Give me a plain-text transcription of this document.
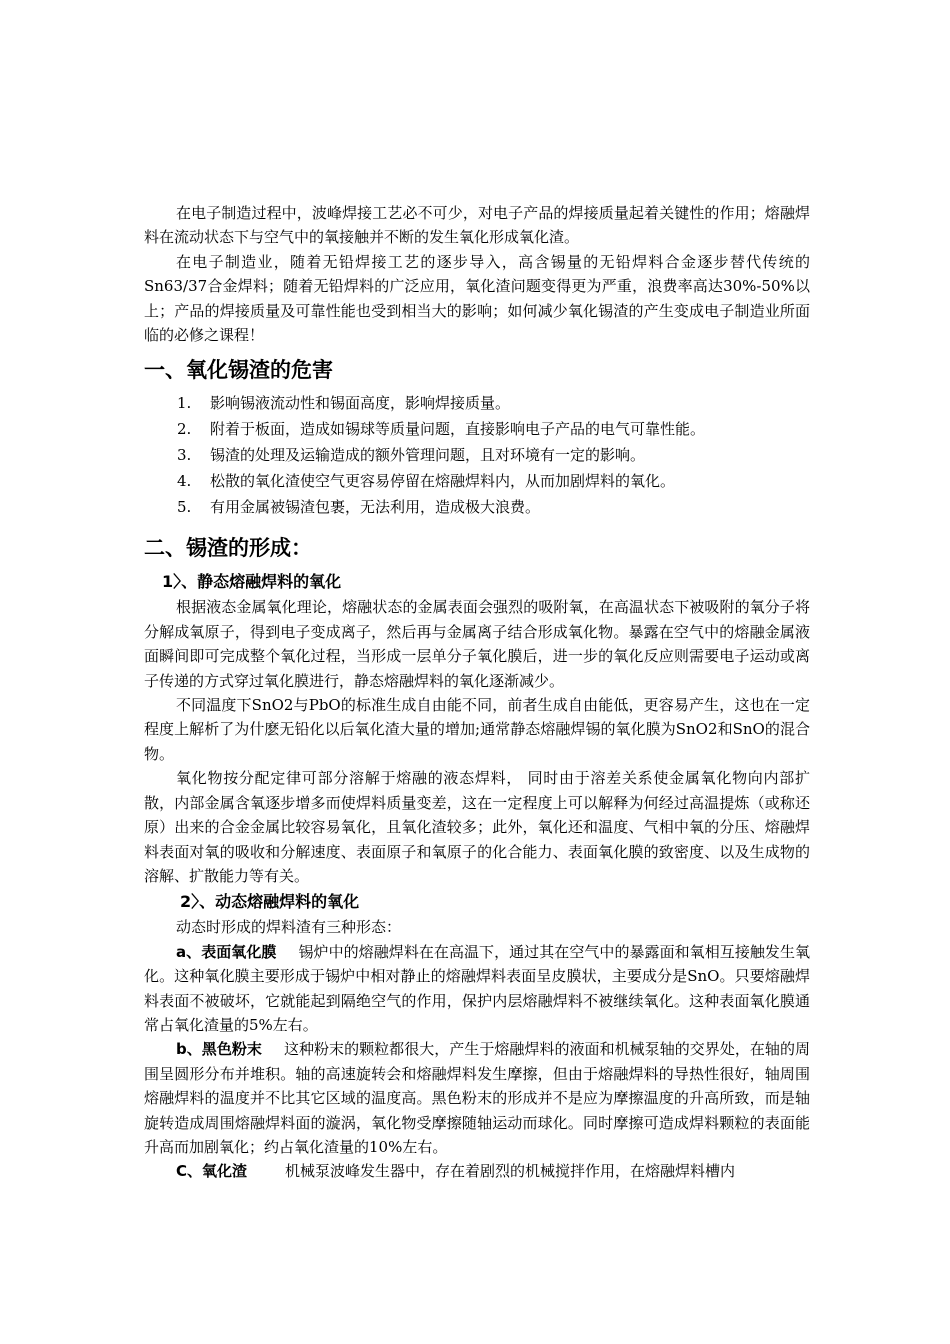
在电子制造过程中，波峰焊接工艺必不可少，对电子产品的焊接质量起着关键性的作用；熔融焊料在流动状态下与空气中的氧接触并不断的发生氧化形成氧化渣。

在电子制造业，随着无铅焊接工艺的逐步导入，高含锡量的无铅焊料合金逐步替代传统的Sn63/37合金焊料；随着无铅焊料的广泛应用，氧化渣问题变得更为严重，浪费率高达30%-50%以上；产品的焊接质量及可靠性能也受到相当大的影响；如何减少氧化锡渣的产生变成电子制造业所面临的必修之课程！

一、氧化锡渣的危害
1.	影响锡液流动性和锡面高度，影响焊接质量。
2.	附着于板面，造成如锡球等质量问题，直接影响电子产品的电气可靠性能。
3.	锡渣的处理及运输造成的额外管理问题，且对环境有一定的影响。
4.	松散的氧化渣使空气更容易停留在熔融焊料内，从而加剧焊料的氧化。
5.	有用金属被锡渣包裹，无法利用，造成极大浪费。
二、锡渣的形成：
1〉、静态熔融焊料的氧化

根据液态金属氧化理论，熔融状态的金属表面会强烈的吸附氧，在高温状态下被吸附的氧分子将分解成氧原子，得到电子变成离子，然后再与金属离子结合形成氧化物。暴露在空气中的熔融金属液面瞬间即可完成整个氧化过程，当形成一层单分子氧化膜后，进一步的氧化反应则需要电子运动或离子传递的方式穿过氧化膜进行，静态熔融焊料的氧化逐渐减少。

不同温度下SnO2与PbO的标准生成自由能不同，前者生成自由能低，更容易产生，这也在一定程度上解析了为什麽无铅化以后氧化渣大量的增加;通常静态熔融焊锡的氧化膜为SnO2和SnO的混合物。

氧化物按分配定律可部分溶解于熔融的液态焊料， 同时由于溶差关系使金属氧化物向内部扩散，内部金属含氧逐步增多而使焊料质量变差，这在一定程度上可以解释为何经过高温提炼（或称还原）出来的合金金属比较容易氧化，且氧化渣较多；此外，氧化还和温度、气相中氧的分压、熔融焊料表面对氧的吸收和分解速度、表面原子和氧原子的化合能力、表面氧化膜的致密度、以及生成物的溶解、扩散能力等有关。

2〉、动态熔融焊料的氧化

动态时形成的焊料渣有三种形态：

a、表面氧化膜 锡炉中的熔融焊料在在高温下，通过其在空气中的暴露面和氧相互接触发生氧化。这种氧化膜主要形成于锡炉中相对静止的熔融焊料表面呈皮膜状，主要成分是SnO。只要熔融焊料表面不被破坏，它就能起到隔绝空气的作用，保护内层熔融焊料不被继续氧化。这种表面氧化膜通常占氧化渣量的5%左右。

b、黑色粉末 这种粉末的颗粒都很大，产生于熔融焊料的液面和机械泵轴的交界处，在轴的周围呈圆形分布并堆积。轴的高速旋转会和熔融焊料发生摩擦，但由于熔融焊料的导热性很好，轴周围熔融焊料的温度并不比其它区域的温度高。黑色粉末的形成并不是应为摩擦温度的升高所致，而是轴旋转造成周围熔融焊料面的漩涡，氧化物受摩擦随轴运动而球化。同时摩擦可造成焊料颗粒的表面能升高而加剧氧化；约占氧化渣量的10%左右。

C、氧化渣	机械泵波峰发生器中，存在着剧烈的机械搅拌作用，在熔融焊料槽内
